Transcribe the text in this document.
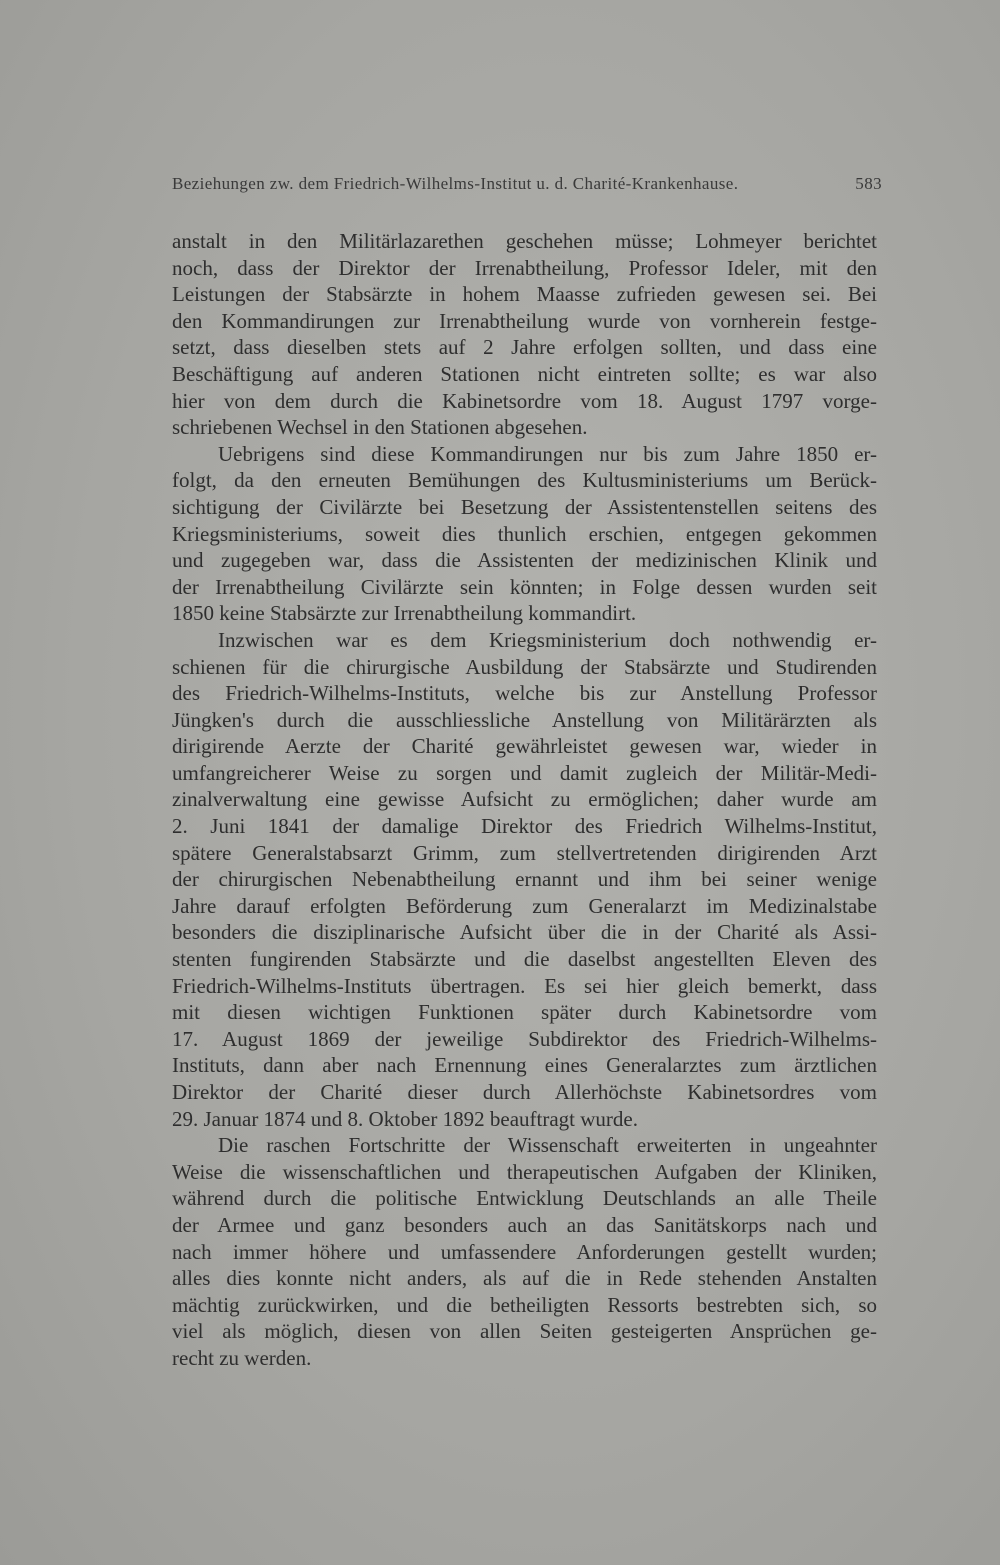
Beziehungen zw. dem Friedrich-Wilhelms-Institut u. d. Charité-Krankenhause.	583
anstalt in den Militärlazarethen geschehen müsse; Lohmeyer berichtet
noch, dass der Direktor der Irrenabtheilung, Professor Ideler, mit den
Leistungen der Stabsärzte in hohem Maasse zufrieden gewesen sei. Bei
den Kommandirungen zur Irrenabtheilung wurde von vornherein festge-
setzt, dass dieselben stets auf 2 Jahre erfolgen sollten, und dass eine
Beschäftigung auf anderen Stationen nicht eintreten sollte; es war also
hier von dem durch die Kabinetsordre vom 18. August 1797 vorge-
schriebenen Wechsel in den Stationen abgesehen.
Uebrigens sind diese Kommandirungen nur bis zum Jahre 1850 er-
folgt, da den erneuten Bemühungen des Kultusministeriums um Berück-
sichtigung der Civilärzte bei Besetzung der Assistentenstellen seitens des
Kriegsministeriums, soweit dies thunlich erschien, entgegen gekommen
und zugegeben war, dass die Assistenten der medizinischen Klinik und
der Irrenabtheilung Civilärzte sein könnten; in Folge dessen wurden seit
1850 keine Stabsärzte zur Irrenabtheilung kommandirt.
Inzwischen war es dem Kriegsministerium doch nothwendig er-
schienen für die chirurgische Ausbildung der Stabsärzte und Studirenden
des Friedrich-Wilhelms-Instituts, welche bis zur Anstellung Professor
Jüngken's durch die ausschliessliche Anstellung von Militärärzten als
dirigirende Aerzte der Charité gewährleistet gewesen war, wieder in
umfangreicherer Weise zu sorgen und damit zugleich der Militär-Medi-
zinalverwaltung eine gewisse Aufsicht zu ermöglichen; daher wurde am
2. Juni 1841 der damalige Direktor des Friedrich Wilhelms-Institut,
spätere Generalstabsarzt Grimm, zum stellvertretenden dirigirenden Arzt
der chirurgischen Nebenabtheilung ernannt und ihm bei seiner wenige
Jahre darauf erfolgten Beförderung zum Generalarzt im Medizinalstabe
besonders die disziplinarische Aufsicht über die in der Charité als Assi-
stenten fungirenden Stabsärzte und die daselbst angestellten Eleven des
Friedrich-Wilhelms-Instituts übertragen. Es sei hier gleich bemerkt, dass
mit diesen wichtigen Funktionen später durch Kabinetsordre vom
17. August 1869 der jeweilige Subdirektor des Friedrich-Wilhelms-
Instituts, dann aber nach Ernennung eines Generalarztes zum ärztlichen
Direktor der Charité dieser durch Allerhöchste Kabinetsordres vom
29. Januar 1874 und 8. Oktober 1892 beauftragt wurde.
Die raschen Fortschritte der Wissenschaft erweiterten in ungeahnter
Weise die wissenschaftlichen und therapeutischen Aufgaben der Kliniken,
während durch die politische Entwicklung Deutschlands an alle Theile
der Armee und ganz besonders auch an das Sanitätskorps nach und
nach immer höhere und umfassendere Anforderungen gestellt wurden;
alles dies konnte nicht anders, als auf die in Rede stehenden Anstalten
mächtig zurückwirken, und die betheiligten Ressorts bestrebten sich, so
viel als möglich, diesen von allen Seiten gesteigerten Ansprüchen ge-
recht zu werden.
